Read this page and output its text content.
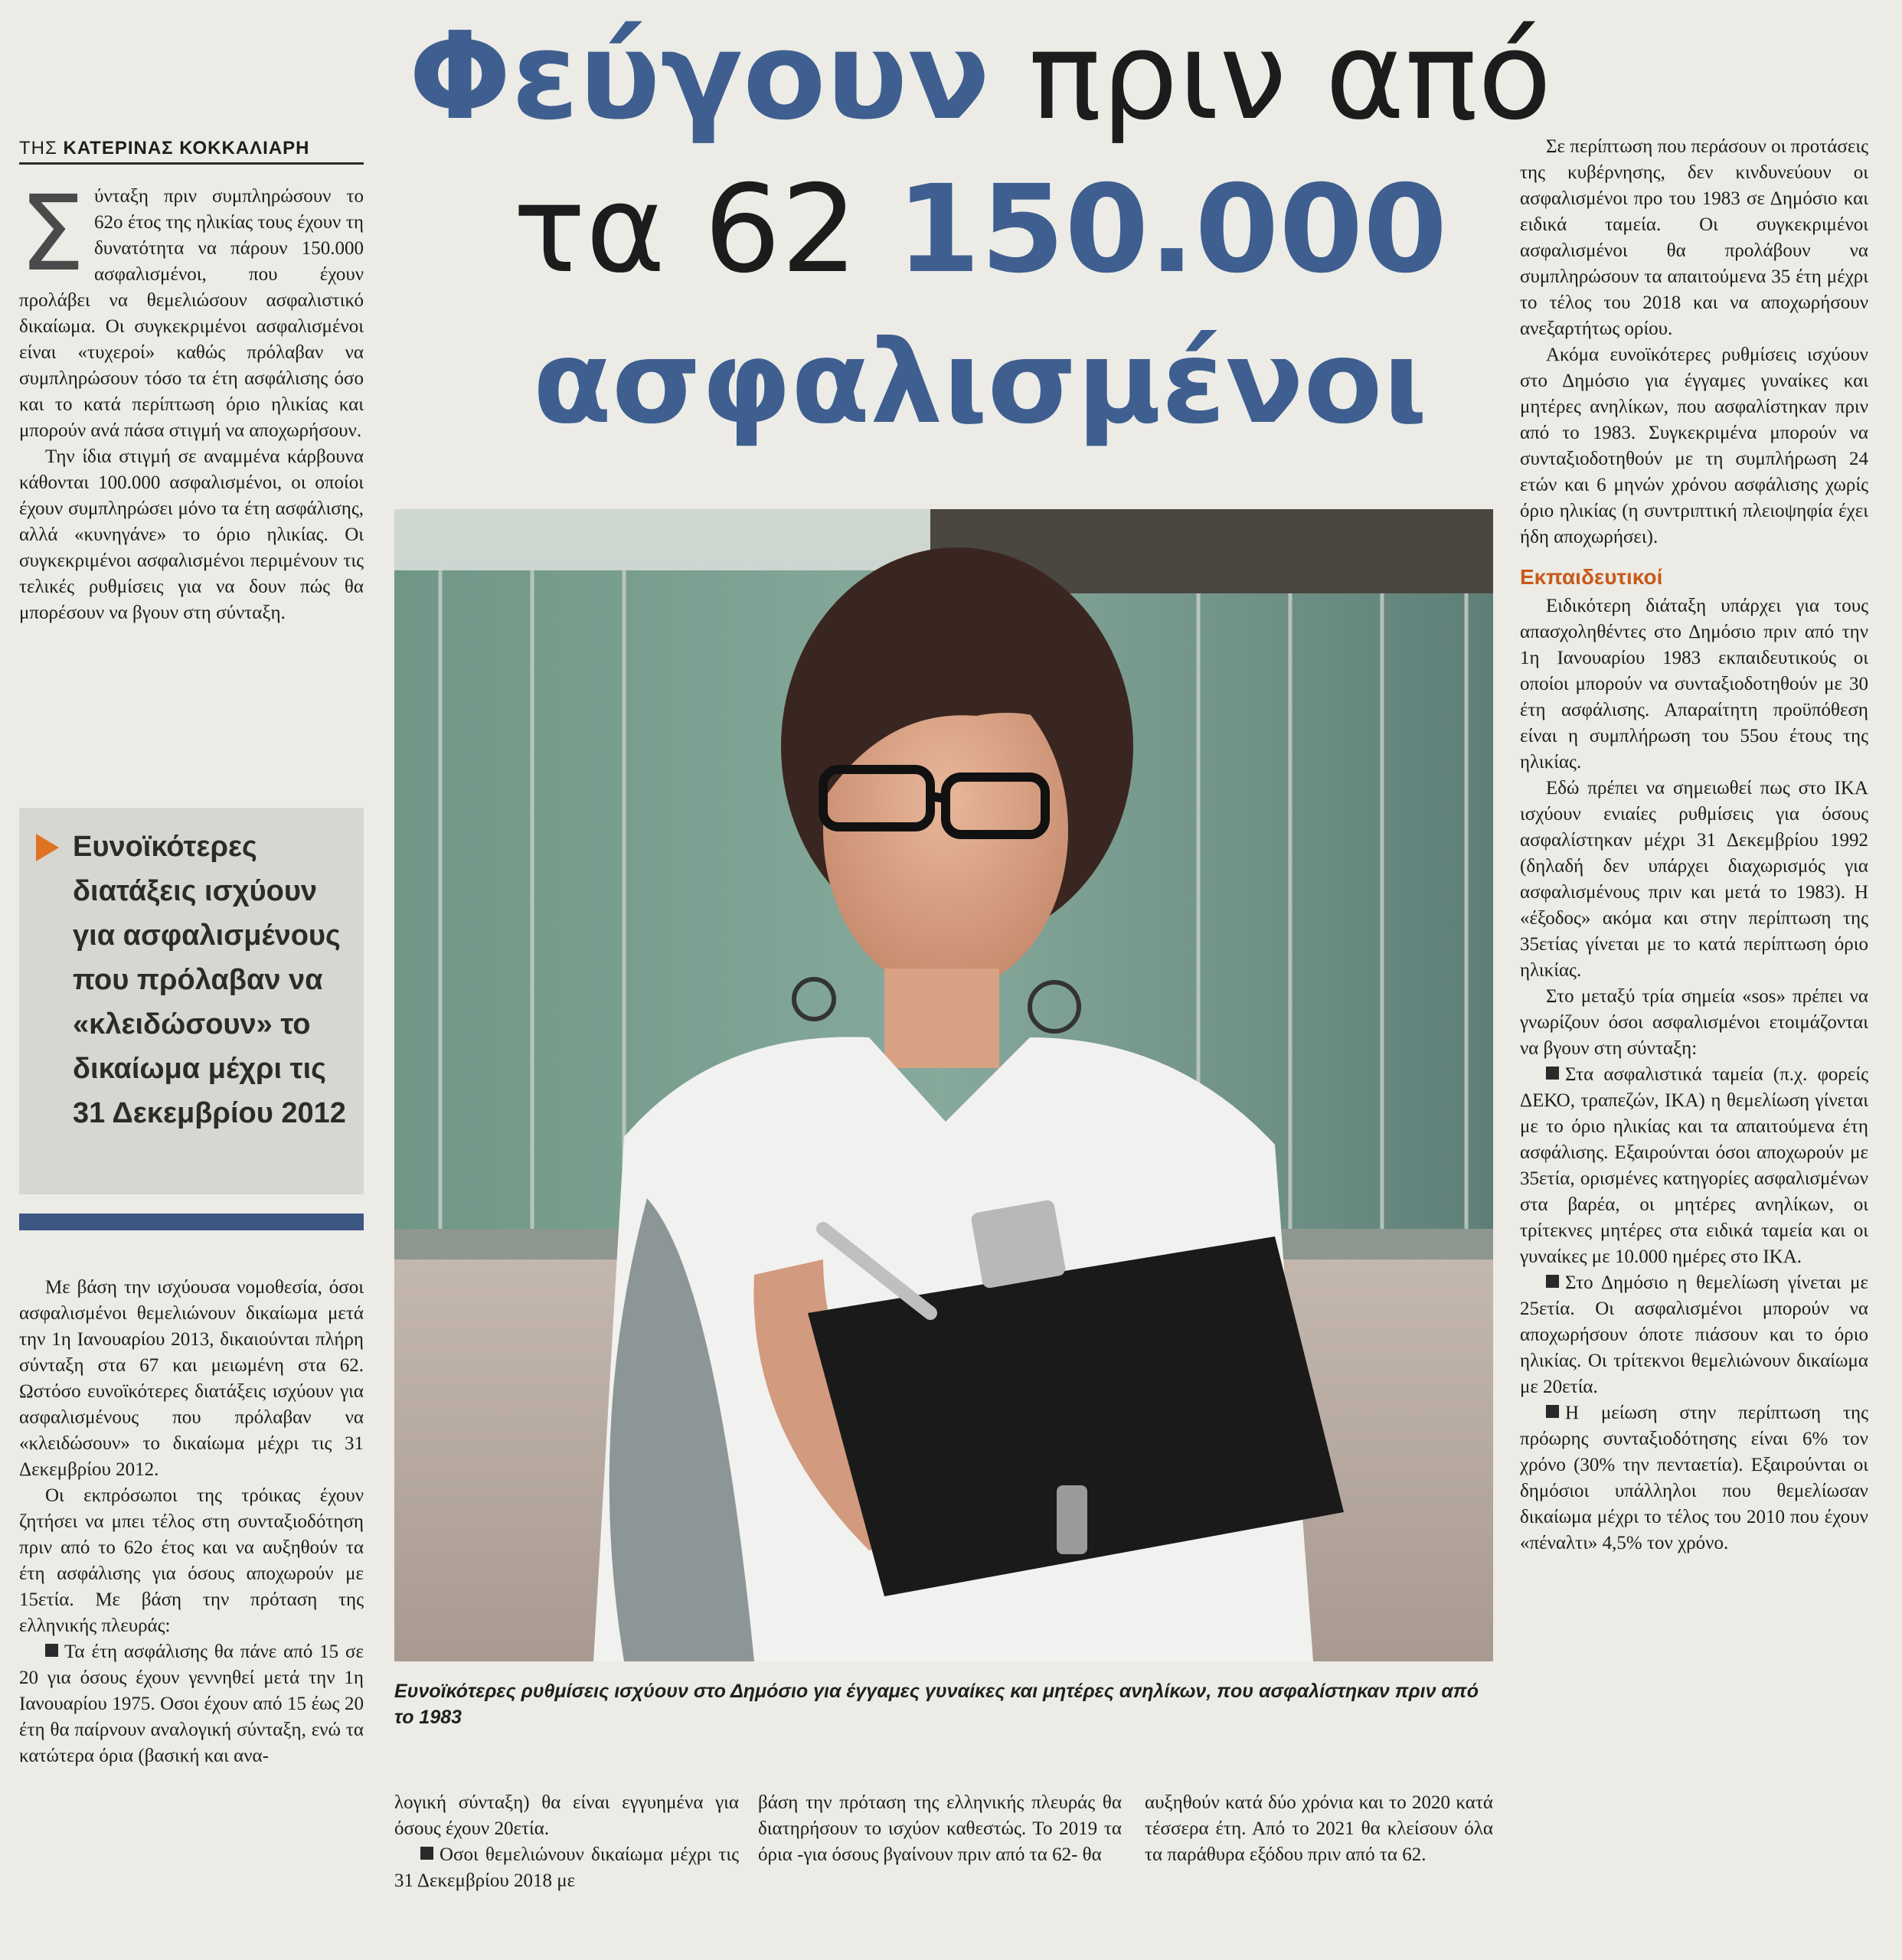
Φεύγουν πριν από
τα 62 150.000
ασφαλισμένοι
ΤΗΣ ΚΑΤΕΡΙΝΑΣ ΚΟΚΚΑΛΙΑΡΗ

Σύνταξη πριν συμπληρώσουν το 62ο έτος της ηλικίας τους έχουν τη δυνατότητα να πάρουν 150.000 ασφαλισμένοι, που έχουν προλάβει να θεμελιώσουν ασφαλιστικό δικαίωμα. Οι συγκεκριμένοι ασφαλισμένοι είναι «τυχεροί» καθώς πρόλαβαν να συμπληρώσουν τόσο τα έτη ασφάλισης όσο και το κατά περίπτωση όριο ηλικίας και μπορούν ανά πάσα στιγμή να αποχωρήσουν.

Την ίδια στιγμή σε αναμμένα κάρβουνα κάθονται 100.000 ασφαλισμένοι, οι οποίοι έχουν συμπληρώσει μόνο τα έτη ασφάλισης, αλλά «κυνηγάνε» το όριο ηλικίας. Οι συγκεκριμένοι ασφαλισμένοι περιμένουν τις τελικές ρυθμίσεις για να δουν πώς θα μπορέσουν να βγουν στη σύνταξη.

Ευνοϊκότερες διατάξεις ισχύουν για ασφαλισμένους που πρόλαβαν να «κλειδώσουν» το δικαίωμα μέχρι τις 31 Δεκεμβρίου 2012

Με βάση την ισχύουσα νομοθεσία, όσοι ασφαλισμένοι θεμελιώνουν δικαίωμα μετά την 1η Ιανουαρίου 2013, δικαιούνται πλήρη σύνταξη στα 67 και μειωμένη στα 62. Ωστόσο ευνοϊκότερες διατάξεις ισχύουν για ασφαλισμένους που πρόλαβαν να «κλειδώσουν» το δικαίωμα μέχρι τις 31 Δεκεμβρίου 2012.

Οι εκπρόσωποι της τρόικας έχουν ζητήσει να μπει τέλος στη συνταξιοδότηση πριν από το 62ο έτος και να αυξηθούν τα έτη ασφάλισης για όσους αποχωρούν με 15ετία. Με βάση την πρόταση της ελληνικής πλευράς:

Τα έτη ασφάλισης θα πάνε από 15 σε 20 για όσους έχουν γεννηθεί μετά την 1η Ιανουαρίου 1975. Οσοι έχουν από 15 έως 20 έτη θα παίρνουν αναλογική σύνταξη, ενώ τα κατώτερα όρια (βασική και ανα-

Ευνοϊκότερες ρυθμίσεις ισχύουν στο Δημόσιο για έγγαμες γυναίκες και μητέρες ανηλίκων, που ασφαλίστηκαν πριν από το 1983

λογική σύνταξη) θα είναι εγγυημένα για όσους έχουν 20ετία.

Οσοι θεμελιώνουν δικαίωμα μέχρι τις 31 Δεκεμβρίου 2018 με

βάση την πρόταση της ελληνικής πλευράς θα διατηρήσουν το ισχύον καθεστώς. Το 2019 τα όρια -για όσους βγαίνουν πριν από τα 62- θα

αυξηθούν κατά δύο χρόνια και το 2020 κατά τέσσερα έτη. Από το 2021 θα κλείσουν όλα τα παράθυρα εξόδου πριν από τα 62.

Σε περίπτωση που περάσουν οι προτάσεις της κυβέρνησης, δεν κινδυνεύουν οι ασφαλισμένοι προ του 1983 σε Δημόσιο και ειδικά ταμεία. Οι συγκεκριμένοι ασφαλισμένοι θα προλάβουν να συμπληρώσουν τα απαιτούμενα 35 έτη μέχρι το τέλος του 2018 και να αποχωρήσουν ανεξαρτήτως ορίου.

Ακόμα ευνοϊκότερες ρυθμίσεις ισχύουν στο Δημόσιο για έγγαμες γυναίκες και μητέρες ανηλίκων, που ασφαλίστηκαν πριν από το 1983. Συγκεκριμένα μπορούν να συνταξιοδοτηθούν με τη συμπλήρωση 24 ετών και 6 μηνών χρόνου ασφάλισης χωρίς όριο ηλικίας (η συντριπτική πλειοψηφία έχει ήδη αποχωρήσει).

Εκπαιδευτικοί

Ειδικότερη διάταξη υπάρχει για τους απασχοληθέντες στο Δημόσιο πριν από την 1η Ιανουαρίου 1983 εκπαιδευτικούς οι οποίοι μπορούν να συνταξιοδοτηθούν με 30 έτη ασφάλισης. Απαραίτητη προϋπόθεση είναι η συμπλήρωση του 55ου έτους της ηλικίας.

Εδώ πρέπει να σημειωθεί πως στο ΙΚΑ ισχύουν ενιαίες ρυθμίσεις για όσους ασφαλίστηκαν μέχρι 31 Δεκεμβρίου 1992 (δηλαδή δεν υπάρχει διαχωρισμός για ασφαλισμένους πριν και μετά το 1983). Η «έξοδος» ακόμα και στην περίπτωση της 35ετίας γίνεται με το κατά περίπτωση όριο ηλικίας.

Στο μεταξύ τρία σημεία «sos» πρέπει να γνωρίζουν όσοι ασφαλισμένοι ετοιμάζονται να βγουν στη σύνταξη:

Στα ασφαλιστικά ταμεία (π.χ. φορείς ΔΕΚΟ, τραπεζών, ΙΚΑ) η θεμελίωση γίνεται με το όριο ηλικίας και τα απαιτούμενα έτη ασφάλισης. Εξαιρούνται όσοι αποχωρούν με 35ετία, ορισμένες κατηγορίες ασφαλισμένων στα βαρέα, οι μητέρες ανηλίκων, οι τρίτεκνες μητέρες στα ειδικά ταμεία και οι γυναίκες με 10.000 ημέρες στο ΙΚΑ.

Στο Δημόσιο η θεμελίωση γίνεται με 25ετία. Οι ασφαλισμένοι μπορούν να αποχωρήσουν όποτε πιάσουν και το όριο ηλικίας. Οι τρίτεκνοι θεμελιώνουν δικαίωμα με 20ετία.

Η μείωση στην περίπτωση της πρόωρης συνταξιοδότησης είναι 6% τον χρόνο (30% την πενταετία). Εξαιρούνται οι δημόσιοι υπάλληλοι που θεμελίωσαν δικαίωμα μέχρι το τέλος του 2010 που έχουν «πέναλτι» 4,5% τον χρόνο.
